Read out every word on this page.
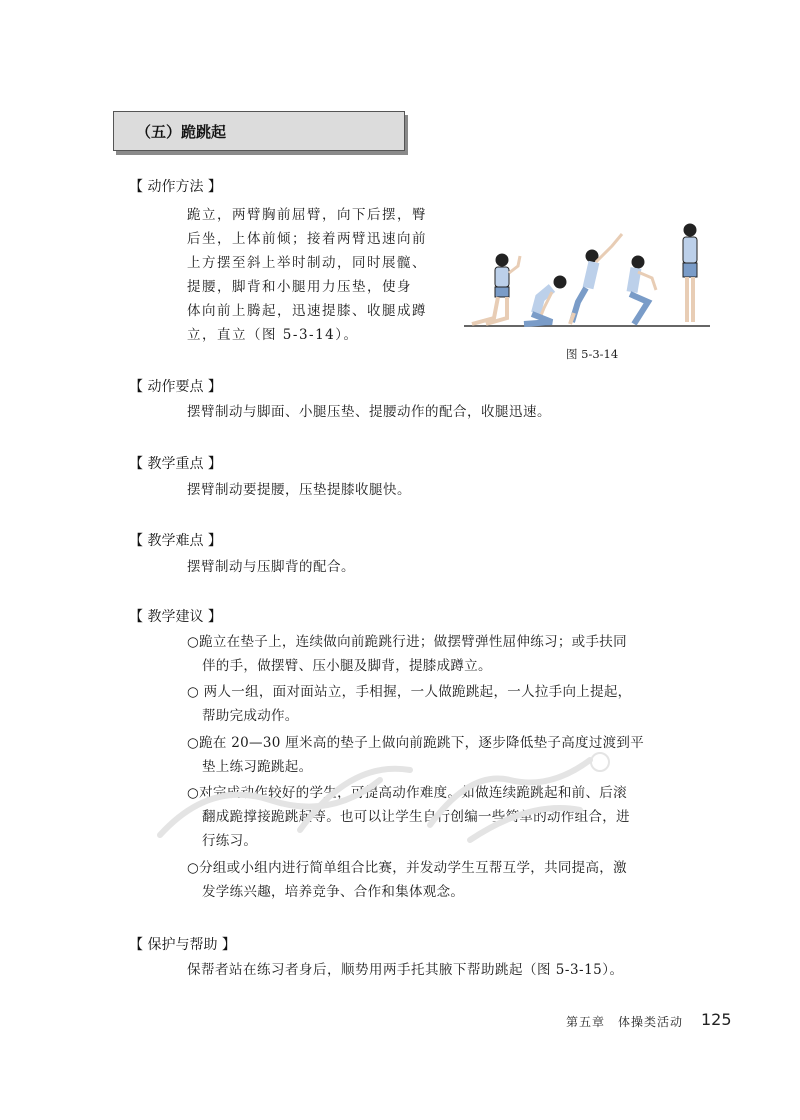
（五）跪跳起
【 动作方法 】
跪立，两臂胸前屈臂，向下后摆，臀
后坐，上体前倾；接着两臂迅速向前
上方摆至斜上举时制动，同时展髋、
提腰，脚背和小腿用力压垫，使身
体向前上腾起，迅速提膝、收腿成蹲
立，直立（图 5-3-14）。
图 5-3-14
【 动作要点 】
摆臂制动与脚面、小腿压垫、提腰动作的配合，收腿迅速。
【 教学重点 】
摆臂制动要提腰，压垫提膝收腿快。
【 教学难点 】
摆臂制动与压脚背的配合。
【 教学建议 】
○跪立在垫子上，连续做向前跪跳行进；做摆臂弹性屈伸练习；或手扶同
伴的手，做摆臂、压小腿及脚背，提膝成蹲立。
○ 两人一组，面对面站立，手相握，一人做跪跳起，一人拉手向上提起，
帮助完成动作。
○跪在 20—30 厘米高的垫子上做向前跪跳下，逐步降低垫子高度过渡到平
垫上练习跪跳起。
○对完成动作较好的学生，可提高动作难度。如做连续跪跳起和前、后滚
翻成跪撑接跪跳起等。也可以让学生自行创编一些简单的动作组合，进
行练习。
○分组或小组内进行简单组合比赛，并发动学生互帮互学，共同提高，激
发学练兴趣，培养竞争、合作和集体观念。
【 保护与帮助 】
保帮者站在练习者身后，顺势用两手托其腋下帮助跳起（图 5-3-15）。
第五章　体操类活动 125
